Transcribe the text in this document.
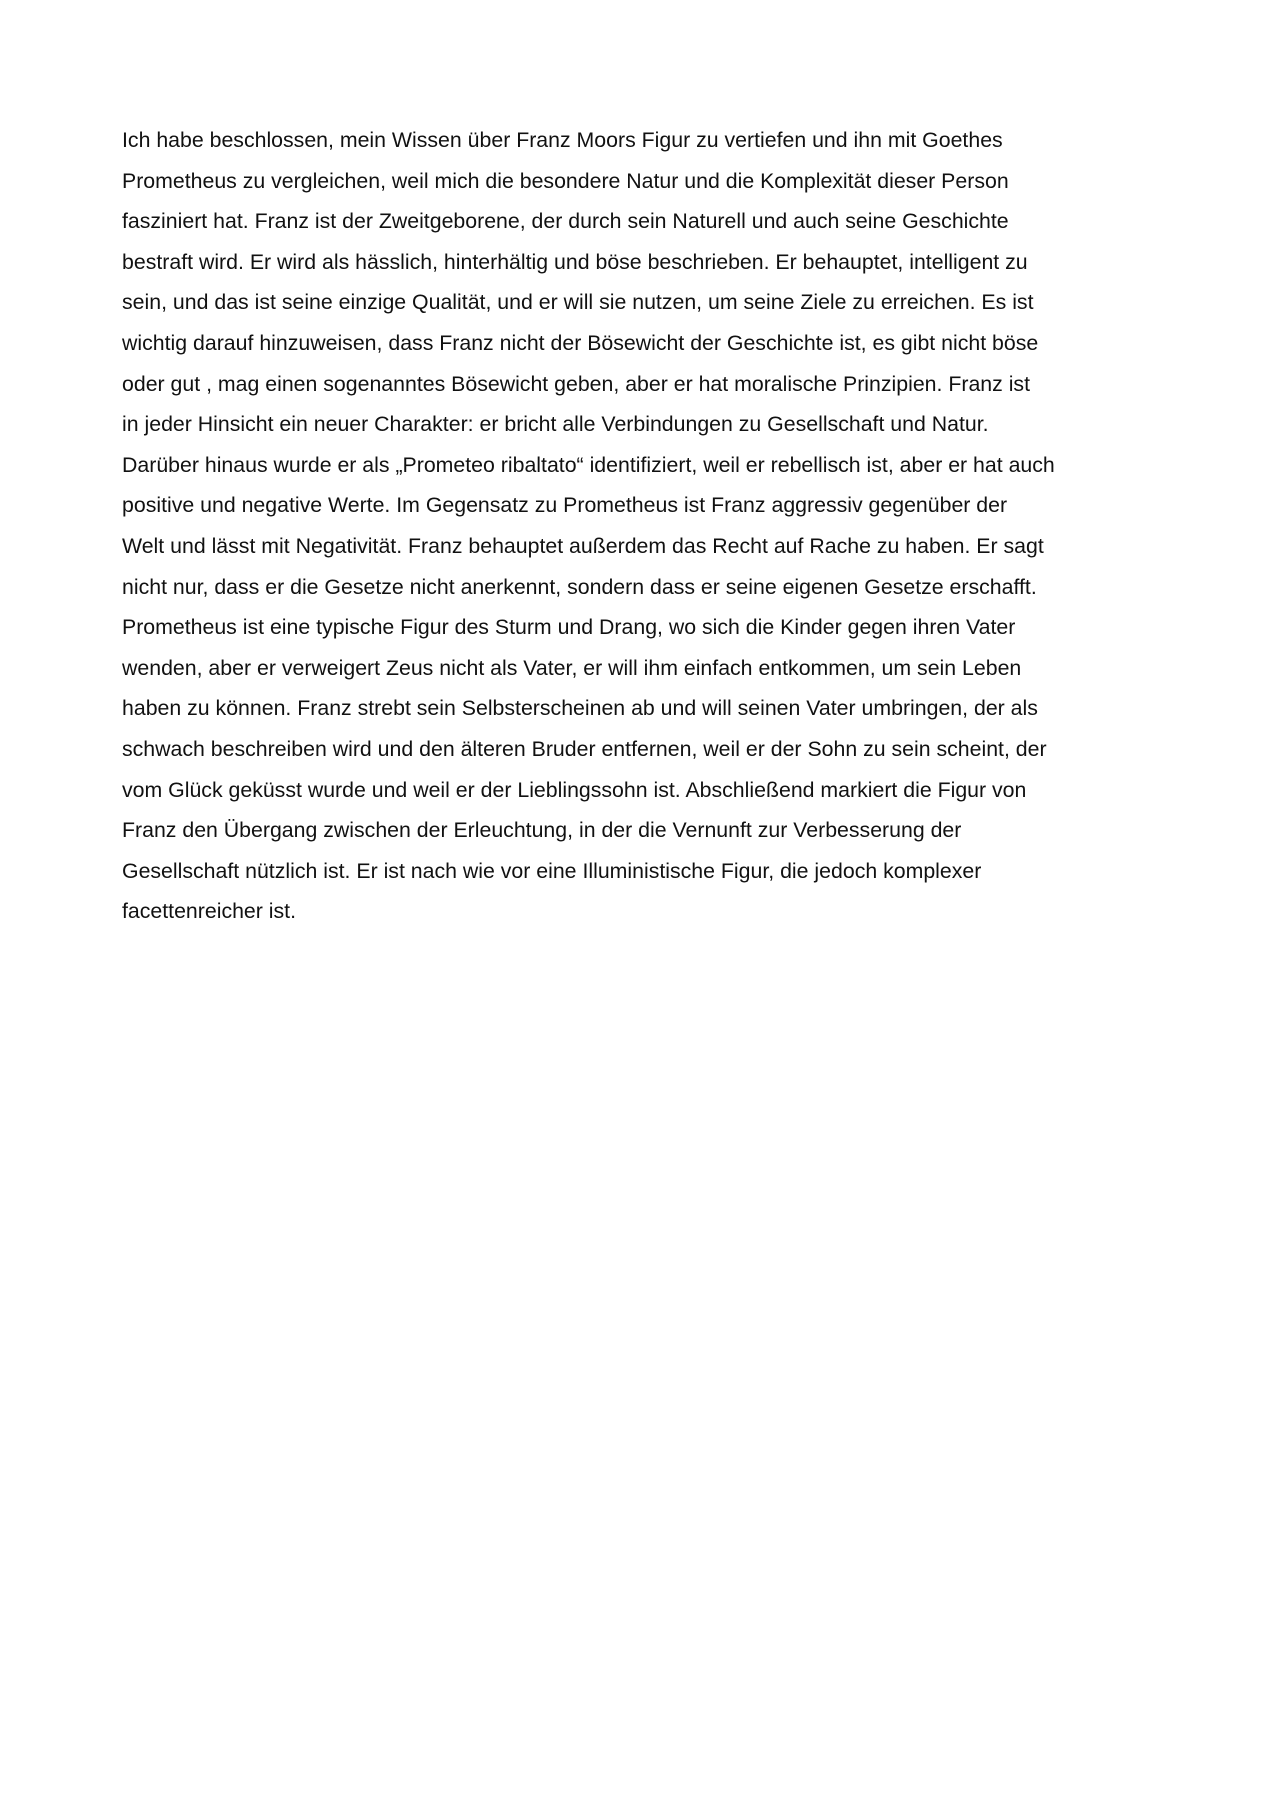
Ich habe beschlossen, mein Wissen über Franz Moors Figur zu vertiefen und ihn mit Goethes
Prometheus zu vergleichen, weil mich die besondere Natur und die Komplexität dieser Person
fasziniert hat. Franz ist der Zweitgeborene, der durch sein Naturell und auch seine Geschichte
bestraft wird. Er wird als hässlich, hinterhältig und böse beschrieben. Er behauptet, intelligent zu
sein, und das ist seine einzige Qualität, und er will sie nutzen, um seine Ziele zu erreichen. Es ist
wichtig darauf hinzuweisen, dass Franz nicht der Bösewicht der Geschichte ist, es gibt nicht böse
oder gut , mag einen sogenanntes Bösewicht geben, aber er hat moralische Prinzipien. Franz ist
in jeder Hinsicht ein neuer Charakter: er bricht alle Verbindungen zu Gesellschaft und Natur.
Darüber hinaus wurde er als „Prometeo ribaltato“ identifiziert, weil er rebellisch ist, aber er hat auch
positive und negative Werte. Im Gegensatz zu Prometheus ist Franz aggressiv gegenüber der
Welt und lässt mit Negativität. Franz behauptet außerdem das Recht auf Rache zu haben. Er sagt
nicht nur, dass er die Gesetze nicht anerkennt, sondern dass er seine eigenen Gesetze erschafft.
Prometheus ist eine typische Figur des Sturm und Drang, wo sich die Kinder gegen ihren Vater
wenden, aber er verweigert Zeus nicht als Vater, er will ihm einfach entkommen, um sein Leben
haben zu können. Franz strebt sein Selbsterscheinen ab und will seinen Vater umbringen, der als
schwach beschreiben wird und den älteren Bruder entfernen, weil er der Sohn zu sein scheint, der
vom Glück geküsst wurde und weil er der Lieblingssohn ist. Abschließend markiert die Figur von
Franz den Übergang zwischen der Erleuchtung, in der die Vernunft zur Verbesserung der
Gesellschaft nützlich ist. Er ist nach wie vor eine Illuministische Figur, die jedoch komplexer
facettenreicher ist.
